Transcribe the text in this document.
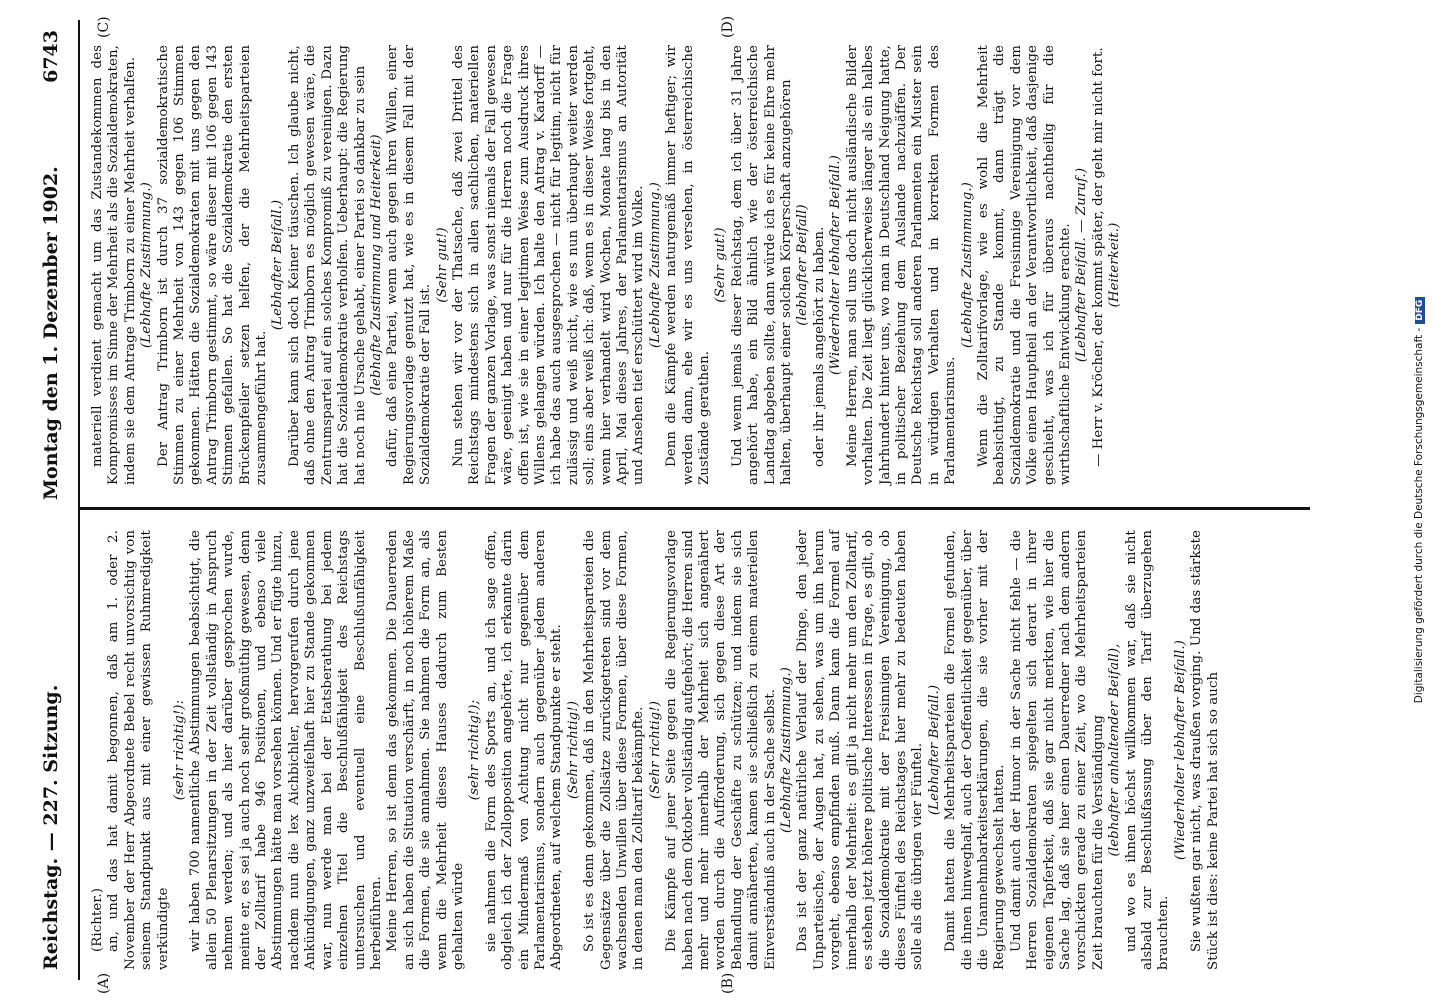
Reichstag. — 227. Sitzung.
Montag den 1. Dezember 1902.
6743
(A)	(B)
(C)	(D)

(Richter.) an, und das hat damit begonnen, daß am 1. oder 2. November der Herr Abgeordnete Bebel recht unvorsichtig von seinem Standpunkt aus mit einer gewissen Ruhmredigkeit verkündigte

(sehr richtig!): wir haben 700 namentliche Abstimmungen beabsichtigt, die allein 50 Plenarsitzungen in der Zeit vollständig in Anspruch nehmen werden; und als hier darüber gesprochen wurde, meinte er, es sei ja auch noch sehr großmüthig gewesen, denn der Zolltarif habe 946 Positionen, und ebenso viele Abstimmungen hätte man vorsehen können. Und er fügte hinzu, nachdem nun die lex Aichbichler, hervorgerufen durch jene Ankündigungen, ganz unzweifelhaft hier zu Stande gekommen war, nun werde man bei der Etatsberathung bei jedem einzelnen Titel die Beschlußfähigkeit des Reichstags untersuchen und eventuell eine Beschlußunfähigkeit herbeiführen. Meine Herren, so ist denn das gekommen. Die Dauerreden an sich haben die Situation verschärft, in noch höherem Maße die Formen, die sie annahmen. Sie nahmen die Form an, als wenn die Mehrheit dieses Hauses dadurch zum Besten gehalten würde

(sehr richtig!); sie nahmen die Form des Sports an, und ich sage offen, obgleich ich der Zollopposition angehörte, ich erkannte darin ein Mindermaß von Achtung nicht nur gegenüber dem Parlamentarismus, sondern auch gegenüber jedem anderen Abgeordneten, auf welchem Standpunkte er steht. (Sehr richtig!) So ist es denn gekommen, daß in den Mehrheitsparteien die Gegensätze über die Zollsätze zurückgetreten sind vor dem wachsenden Unwillen über diese Formen, über diese Formen, in denen man den Zolltarif bekämpfte. (Sehr richtig!) Die Kämpfe auf jener Seite gegen die Regierungsvorlage haben nach dem Oktober vollständig aufgehört; die Herren sind mehr und mehr innerhalb der Mehrheit sich angenähert worden durch die Aufforderung, sich gegen diese Art der Behandlung der Geschäfte zu schützen; und indem sie sich damit annäherten, kamen sie schließlich zu einem materiellen Einverständniß auch in der Sache selbst. (Lebhafte Zustimmung.) Das ist der ganz natürliche Verlauf der Dinge, den jeder Unparteiische, der Augen hat, zu sehen, was um ihn herum vorgeht, ebenso empfinden muß. Dann kam die Formel auf innerhalb der Mehrheit: es gilt ja nicht mehr um den Zolltarif, es stehen jetzt höhere politische Interessen in Frage, es gilt, ob die Sozialdemokratie mit der Freisinnigen Vereinigung, ob dieses Fünftel des Reichstages hier mehr zu bedeuten haben solle als die übrigen vier Fünftel. (Lebhafter Beifall.) Damit hatten die Mehrheitsparteien die Formel gefunden, die ihnen hinweghalf, auch der Oeffentlichkeit gegenüber, über die Unannehmbarkeitserklärungen, die sie vorher mit der Regierung gewechselt hatten. Und damit auch der Humor in der Sache nicht fehle — die Herren Sozialdemokraten spiegelten sich derart in ihrer eigenen Tapferkeit, daß sie gar nicht merkten, wie hier die Sache lag, daß sie hier einen Dauerredner nach dem andern vorschickten gerade zu einer Zeit, wo die Mehrheitsparteien Zeit brauchten für die Verständigung (lebhafter anhaltender Beifall), und wo es ihnen höchst willkommen war, daß sie nicht alsbald zur Beschlußfassung über den Tarif überzugehen brauchten.

(Wiederholter lebhafter Beifall.) Sie wußten gar nicht, was draußen vorging. Und das stärkste Stück ist dies: keine Partei hat sich so auch

materiell verdient gemacht um das Zustandekommen des Kompromisses im Sinne der Mehrheit als die Sozialdemokraten, indem sie dem Antrage Trimborn zu einer Mehrheit verhalfen. (Lebhafte Zustimmung.) Der Antrag Trimborn ist durch 37 sozialdemokratische Stimmen zu einer Mehrheit von 143 gegen 106 Stimmen gekommen. Hätten die Sozialdemokraten mit uns gegen den Antrag Trimborn gestimmt, so wäre dieser mit 106 gegen 143 Stimmen gefallen. So hat die Sozialdemokratie den ersten Brückenpfeiler setzen helfen, der die Mehrheitsparteien zusammengeführt hat.

(Lebhafter Beifall.) Darüber kann sich doch Keiner täuschen. Ich glaube nicht, daß ohne den Antrag Trimborn es möglich gewesen wäre, die Zentrumspartei auf ein solches Kompromiß zu vereinigen. Dazu hat die Sozialdemokratie verholfen. Ueberhaupt: die Regierung hat noch nie Ursache gehabt, einer Partei so dankbar zu sein (lebhafte Zustimmung und Heiterkeit) dafür, daß eine Partei, wenn auch gegen ihren Willen, einer Regierungsvorlage genutzt hat, wie es in diesem Fall mit der Sozialdemokratie der Fall ist.

(Sehr gut!) Nun stehen wir vor der Thatsache, daß zwei Drittel des Reichstags mindestens sich in allen sachlichen, materiellen Fragen der ganzen Vorlage, was sonst niemals der Fall gewesen wäre, geeinigt haben und nur für die Herren noch die Frage offen ist, wie sie in einer legitimen Weise zum Ausdruck ihres Willens gelangen würden. Ich halte den Antrag v. Kardorff — ich habe das auch ausgesprochen — nicht für legitim, nicht für zulässig und weiß nicht, wie es nun überhaupt weiter werden soll; eins aber weiß ich: daß, wenn es in dieser Weise fortgeht, wenn hier verhandelt wird Wochen, Monate lang bis in den April, Mai dieses Jahres, der Parlamentarismus an Autorität und Ansehen tief erschüttert wird im Volke. (Lebhafte Zustimmung.) Denn die Kämpfe werden naturgemäß immer heftiger; wir werden dann, ehe wir es uns versehen, in österreichische Zustände gerathen.

(Sehr gut!) Und wenn jemals dieser Reichstag, dem ich über 31 Jahre angehört habe, ein Bild ähnlich wie der österreichische Landtag abgeben sollte, dann würde ich es für keine Ehre mehr halten, überhaupt einer solchen Körperschaft anzugehören (lebhafter Beifall) oder ihr jemals angehört zu haben. (Wiederholter lebhafter Beifall.) Meine Herren, man soll uns doch nicht ausländische Bilder vorhalten. Die Zeit liegt glücklicherweise länger als ein halbes Jahrhundert hinter uns, wo man in Deutschland Neigung hatte, in politischer Beziehung dem Auslande nachzuäffen. Der Deutsche Reichstag soll anderen Parlamenten ein Muster sein in würdigen Verhalten und in korrekten Formen des Parlamentarismus.

(Lebhafte Zustimmung.) Wenn die Zolltarifvorlage, wie es wohl die Mehrheit beabsichtigt, zu Stande kommt, dann trägt die Sozialdemokratie und die Freisinnige Vereinigung vor dem Volke einen Hauptheil an der Verantwortlichkeit, daß dasjenige geschieht, was ich für überaus nachtheilig für die wirthschaftliche Entwicklung erachte. (Lebhafter Beifall. — Zuruf.) — Herr v. Kröcher, der kommt später, der geht mir nicht fort. (Heiterkeit.)

Digitalisierung gefördert durch die Deutsche Forschungsgemeinschaft -DFG
